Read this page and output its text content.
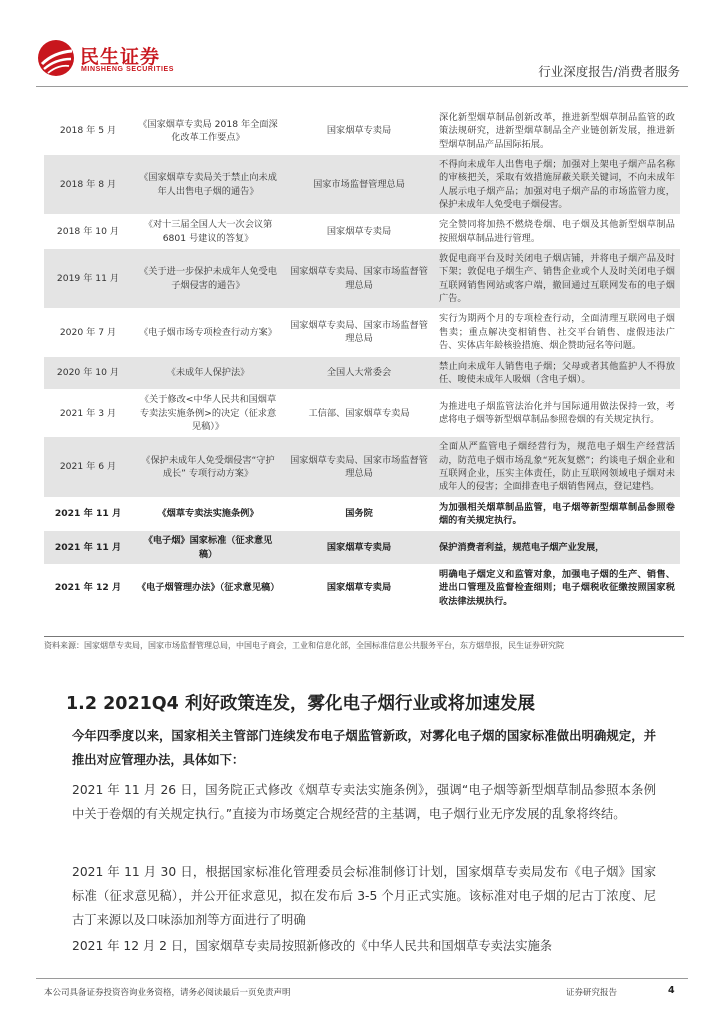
民生证券
MINSHENG SECURITIES	行业深度报告/消费者服务
2018 年 5 月	《国家烟草专卖局 2018 年全面深化改革工作要点》	国家烟草专卖局	深化新型烟草制品创新改革，推进新型烟草制品监管的政策法规研究，进新型烟草制品全产业链创新发展，推进新型烟草制品产品国际拓展。
2018 年 8 月	《国家烟草专卖局关于禁止向未成年人出售电子烟的通告》	国家市场监督管理总局	不得向未成年人出售电子烟；加强对上架电子烟产品名称的审核把关，采取有效措施屏蔽关联关键词，不向未成年人展示电子烟产品；加强对电子烟产品的市场监管力度，保护未成年人免受电子烟侵害。
2018 年 10 月	《对十三届全国人大一次会议第 6801 号建议的答复》	国家烟草专卖局	完全赞同将加热不燃烧卷烟、电子烟及其他新型烟草制品按照烟草制品进行管理。
2019 年 11 月	《关于进一步保护未成年人免受电子烟侵害的通告》	国家烟草专卖局、国家市场监督管理总局	敦促电商平台及时关闭电子烟店铺，并将电子烟产品及时下架；敦促电子烟生产、销售企业或个人及时关闭电子烟互联网销售网站或客户端，撤回通过互联网发布的电子烟广告。
2020 年 7 月	《电子烟市场专项检查行动方案》	国家烟草专卖局、国家市场监督管理总局	实行为期两个月的专项检查行动，全面清理互联网电子烟售卖；重点解决变相销售、社交平台销售、虚假违法广告、实体店年龄核验措施、烟企赞助冠名等问题。
2020 年 10 月	《未成年人保护法》	全国人大常委会	禁止向未成年人销售电子烟；父母或者其他监护人不得放任、唆使未成年人吸烟（含电子烟）。
2021 年 3 月	《关于修改<中华人民共和国烟草专卖法实施条例>的决定（征求意见稿）》	工信部、国家烟草专卖局	为推进电子烟监管法治化并与国际通用做法保持一致，考虑将电子烟等新型烟草制品参照卷烟的有关规定执行。
2021 年 6 月	《保护未成年人免受烟侵害“守护成长” 专项行动方案》	国家烟草专卖局、国家市场监督管理总局	全面从严监管电子烟经营行为，规范电子烟生产经营活动，防范电子烟市场乱象“死灰复燃”；约谈电子烟企业和互联网企业，压实主体责任，防止互联网领域电子烟对未成年人的侵害；全面排查电子烟销售网点，登记建档。
2021 年 11 月	《烟草专卖法实施条例》	国务院	为加强相关烟草制品监管，电子烟等新型烟草制品参照卷烟的有关规定执行。
2021 年 11 月	《电子烟》国家标准（征求意见稿）	国家烟草专卖局	保护消费者利益，规范电子烟产业发展，
2021 年 12 月	《电子烟管理办法》（征求意见稿）	国家烟草专卖局	明确电子烟定义和监管对象，加强电子烟的生产、销售、进出口管理及监督检查细则；电子烟税收征缴按照国家税收法律法规执行。
资料来源：国家烟草专卖局，国家市场监督管理总局，中国电子商会，工业和信息化部，全国标准信息公共服务平台，东方烟草报，民生证券研究院
1.2 2021Q4 利好政策连发，雾化电子烟行业或将加速发展

今年四季度以来，国家相关主管部门连续发布电子烟监管新政，对雾化电子烟的国家标准做出明确规定，并推出对应管理办法，具体如下：

2021 年 11 月 26 日，国务院正式修改《烟草专卖法实施条例》，强调“电子烟等新型烟草制品参照本条例中关于卷烟的有关规定执行。”直接为市场奠定合规经营的主基调，电子烟行业无序发展的乱象将终结。

2021 年 11 月 30 日，根据国家标准化管理委员会标准制修订计划，国家烟草专卖局发布《电子烟》国家标准（征求意见稿），并公开征求意见，拟在发布后 3-5 个月正式实施。该标准对电子烟的尼古丁浓度、尼古丁来源以及口味添加剂等方面进行了明确

2021 年 12 月 2 日，国家烟草专卖局按照新修改的《中华人民共和国烟草专卖法实施条

本公司具备证券投资咨询业务资格，请务必阅读最后一页免责声明	证券研究报告	4
